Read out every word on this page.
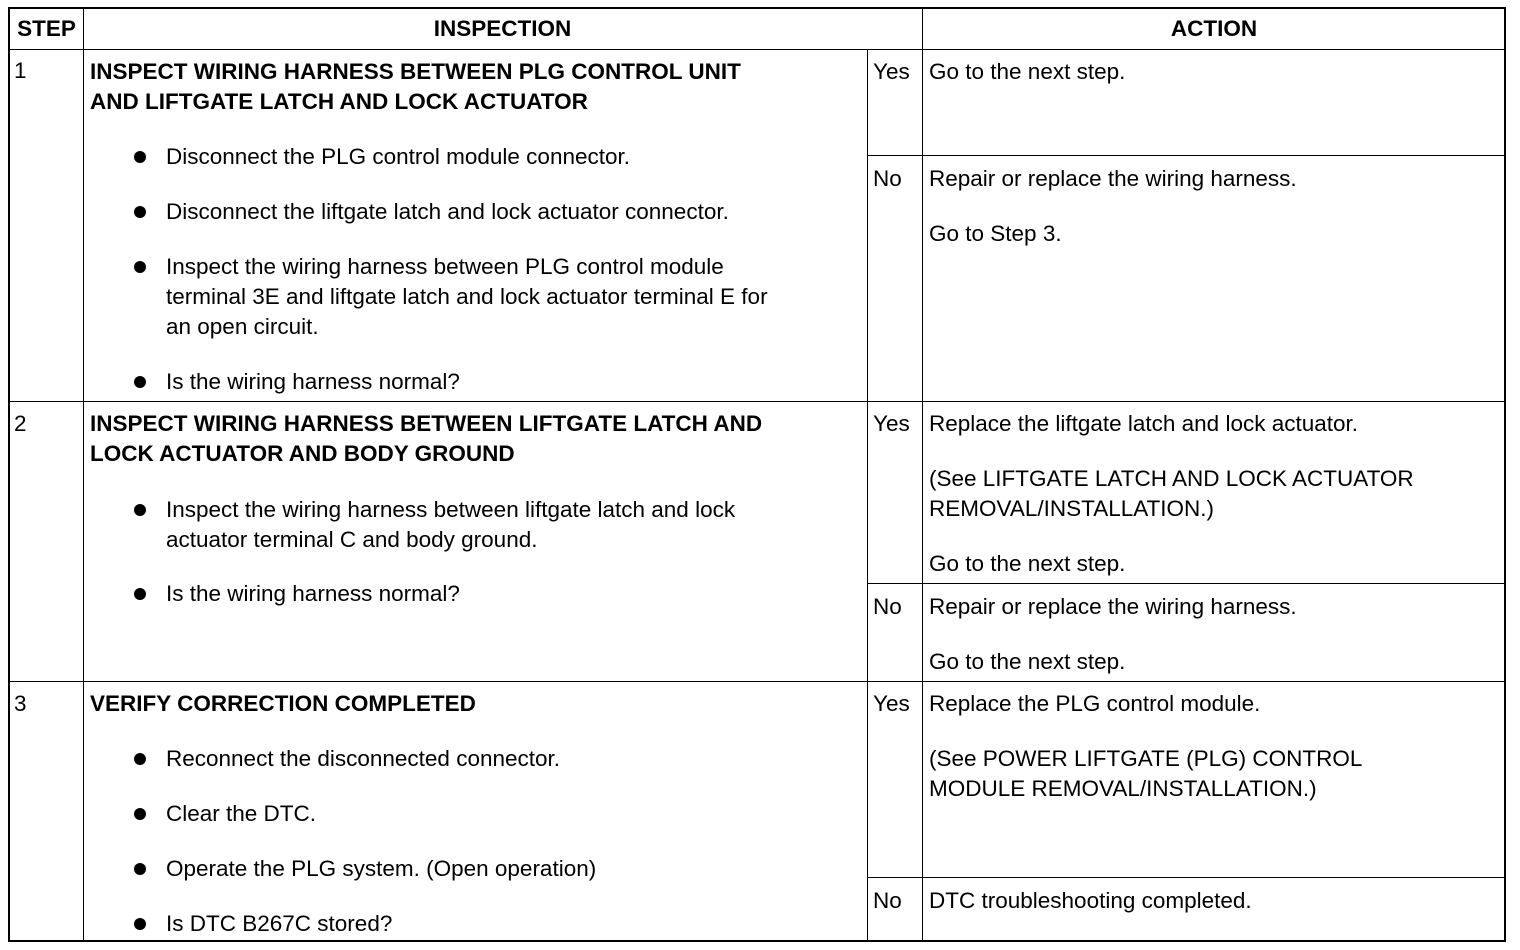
STEP	INSPECTION	ACTION
1	INSPECT WIRING HARNESS BETWEEN PLG CONTROL UNIT
AND LIFTGATE LATCH AND LOCK ACTUATOR
Disconnect the PLG control module connector.
Disconnect the liftgate latch and lock actuator connector.
Inspect the wiring harness between PLG control module
terminal 3E and liftgate latch and lock actuator terminal E for
an open circuit.
Is the wiring harness normal?
Yes Go to the next step.
No Repair or replace the wiring harness.
Go to Step 3.
2	INSPECT WIRING HARNESS BETWEEN LIFTGATE LATCH AND
LOCK ACTUATOR AND BODY GROUND
Inspect the wiring harness between liftgate latch and lock
actuator terminal C and body ground.
Is the wiring harness normal?
Yes Replace the liftgate latch and lock actuator.
(See LIFTGATE LATCH AND LOCK ACTUATOR
REMOVAL/INSTALLATION.)
Go to the next step.
No Repair or replace the wiring harness.
Go to the next step.
3	VERIFY CORRECTION COMPLETED
Reconnect the disconnected connector.
Clear the DTC.
Operate the PLG system. (Open operation)
Is DTC B267C stored?
Yes Replace the PLG control module.
(See POWER LIFTGATE (PLG) CONTROL
MODULE REMOVAL/INSTALLATION.)
No DTC troubleshooting completed.
